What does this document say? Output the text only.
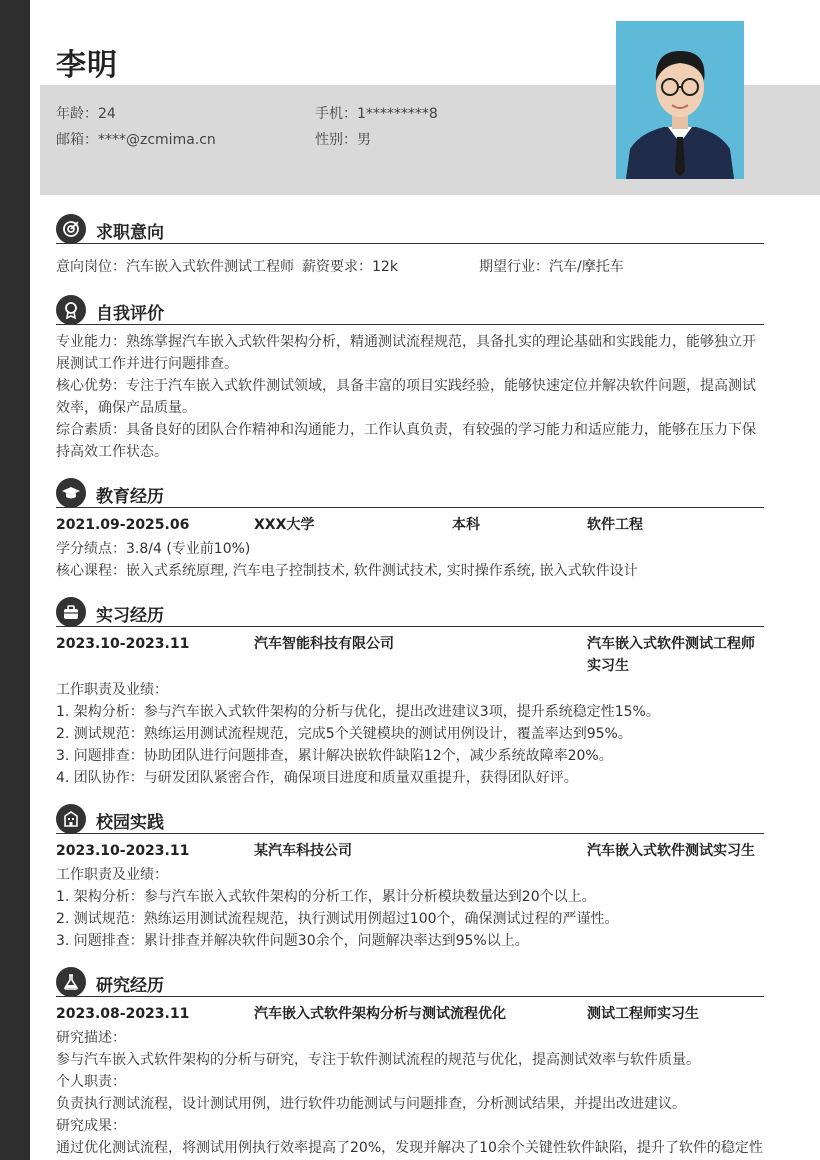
李明
年龄：24	手机：1*********8
邮箱：****@zcmima.cn	性别：男
求职意向
意向岗位：汽车嵌入式软件测试工程师 薪资要求：12k	期望行业：汽车/摩托车
自我评价

专业能力：熟练掌握汽车嵌入式软件架构分析，精通测试流程规范，具备扎实的理论基础和实践能力，能够独立开展测试工作并进行问题排查。

核心优势：专注于汽车嵌入式软件测试领域，具备丰富的项目实践经验，能够快速定位并解决软件问题，提高测试效率，确保产品质量。

综合素质：具备良好的团队合作精神和沟通能力，工作认真负责，有较强的学习能力和适应能力，能够在压力下保持高效工作状态。

教育经历
2021.09-2025.06	XXX大学	本科	软件工程

学分绩点：3.8/4 (专业前10%)

核心课程：嵌入式系统原理, 汽车电子控制技术, 软件测试技术, 实时操作系统, 嵌入式软件设计

实习经历
2023.10-2023.11	汽车智能科技有限公司	汽车嵌入式软件测试工程师实习生

工作职责及业绩：

1. 架构分析：参与汽车嵌入式软件架构的分析与优化，提出改进建议3项，提升系统稳定性15%。

2. 测试规范：熟练运用测试流程规范，完成5个关键模块的测试用例设计，覆盖率达到95%。

3. 问题排查：协助团队进行问题排查，累计解决嵌软件缺陷12个，减少系统故障率20%。

4. 团队协作：与研发团队紧密合作，确保项目进度和质量双重提升，获得团队好评。

校园实践
2023.10-2023.11	某汽车科技公司	汽车嵌入式软件测试实习生

工作职责及业绩：

1. 架构分析：参与汽车嵌入式软件架构的分析工作，累计分析模块数量达到20个以上。

2. 测试规范：熟练运用测试流程规范，执行测试用例超过100个，确保测试过程的严谨性。

3. 问题排查：累计排查并解决软件问题30余个，问题解决率达到95%以上。

研究经历
2023.08-2023.11	汽车嵌入式软件架构分析与测试流程优化	测试工程师实习生

研究描述：

参与汽车嵌入式软件架构的分析与研究，专注于软件测试流程的规范与优化，提高测试效率与软件质量。

个人职责：

负责执行测试流程，设计测试用例，进行软件功能测试与问题排查，分析测试结果，并提出改进建议。

研究成果：

通过优化测试流程，将测试用例执行效率提高了20%，发现并解决了10余个关键性软件缺陷，提升了软件的稳定性
